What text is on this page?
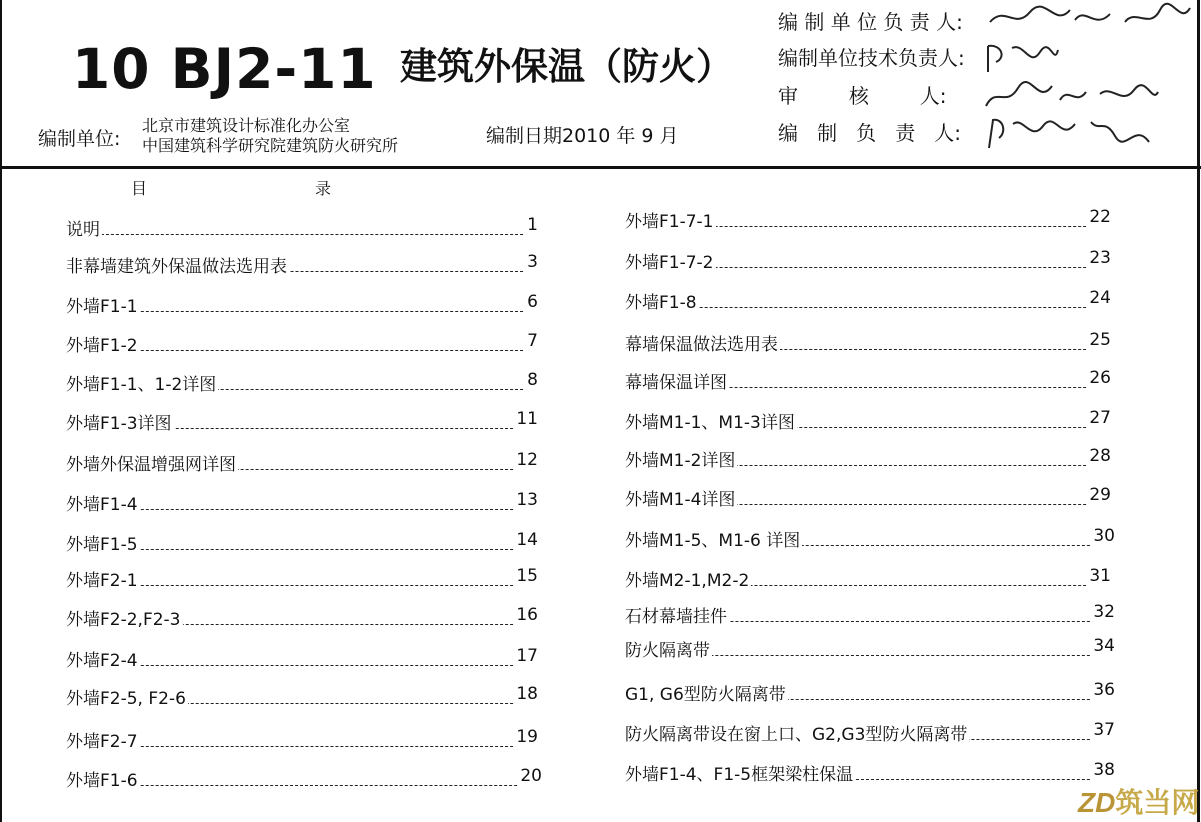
10 BJ2-11 建筑外保温（防火）
编制单位:
北京市建筑设计标准化办公室
中国建筑科学研究院建筑防火研究所	编制日期2010 年 9 月
编 制 单 位 负 责 人:
编制单位技术负责人:
审        核        人:
编   制   负   责   人:
目	录
说明	1
非幕墙建筑外保温做法选用表	3
外墙F1-1	6
外墙F1-2	7
外墙F1-1、1-2详图	8
外墙F1-3详图	11
外墙外保温增强网详图	12
外墙F1-4	13
外墙F1-5	14
外墙F2-1	15
外墙F2-2,F2-3	16
外墙F2-4	17
外墙F2-5, F2-6	18
外墙F2-7	19
外墙F1-6	20
外墙F1-7-1	22
外墙F1-7-2	23
外墙F1-8	24
幕墙保温做法选用表	25
幕墙保温详图	26
外墙M1-1、M1-3详图	27
外墙M1-2详图	28
外墙M1-4详图	29
外墙M1-5、M1-6 详图	30
外墙M2-1,M2-2	31
石材幕墙挂件	32
防火隔离带	34
G1, G6型防火隔离带	36
防火隔离带设在窗上口、G2,G3型防火隔离带	37
外墙F1-4、F1-5框架梁柱保温	38
ZD筑当网
